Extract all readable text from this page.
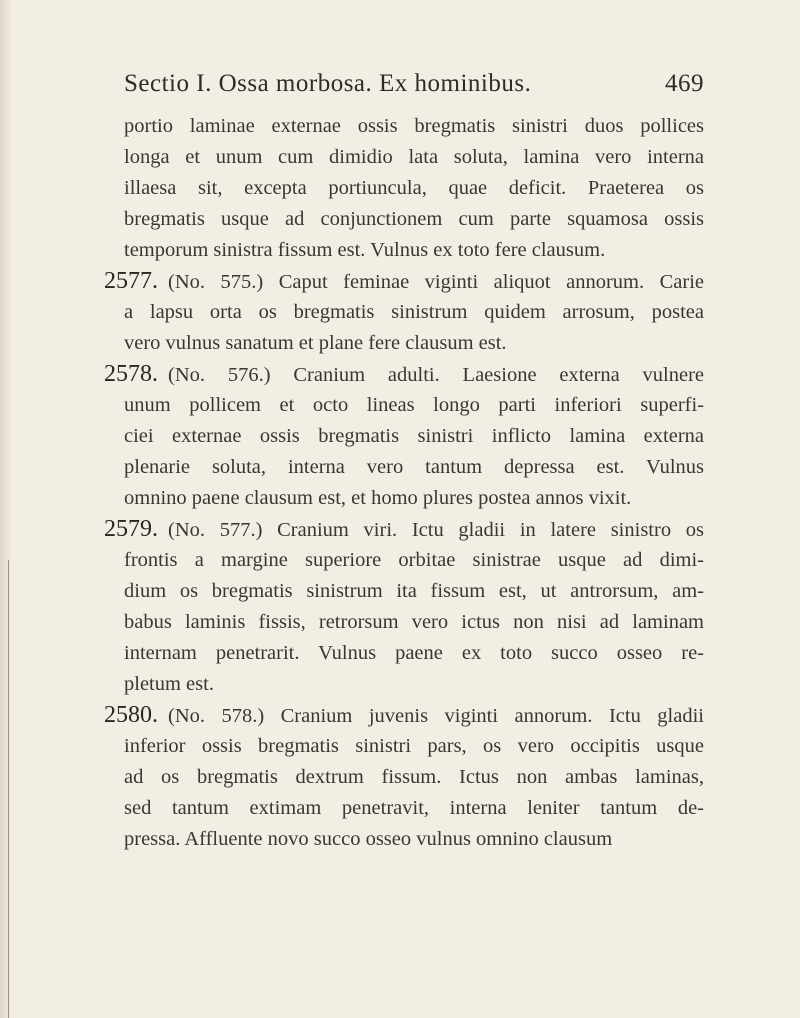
Sectio I. Ossa morbosa. Ex hominibus.	469
portio laminae externae ossis bregmatis sinistri duos pollices
longa et unum cum dimidio lata soluta, lamina vero interna
illaesa sit, excepta portiuncula, quae deficit. Praeterea os
bregmatis usque ad conjunctionem cum parte squamosa ossis
temporum sinistra fissum est. Vulnus ex toto fere clausum.
2577. (No. 575.) Caput feminae viginti aliquot annorum. Carie
a lapsu orta os bregmatis sinistrum quidem arrosum, postea
vero vulnus sanatum et plane fere clausum est.
2578. (No. 576.) Cranium adulti. Laesione externa vulnere
unum pollicem et octo lineas longo parti inferiori superfi-
ciei externae ossis bregmatis sinistri inflicto lamina externa
plenarie soluta, interna vero tantum depressa est. Vulnus
omnino paene clausum est, et homo plures postea annos vixit.
2579. (No. 577.) Cranium viri. Ictu gladii in latere sinistro os
frontis a margine superiore orbitae sinistrae usque ad dimi-
dium os bregmatis sinistrum ita fissum est, ut antrorsum, am-
babus laminis fissis, retrorsum vero ictus non nisi ad laminam
internam penetrarit. Vulnus paene ex toto succo osseo re-
pletum est.
2580. (No. 578.) Cranium juvenis viginti annorum. Ictu gladii
inferior ossis bregmatis sinistri pars, os vero occipitis usque
ad os bregmatis dextrum fissum. Ictus non ambas laminas,
sed tantum extimam penetravit, interna leniter tantum de-
pressa. Affluente novo succo osseo vulnus omnino clausum
